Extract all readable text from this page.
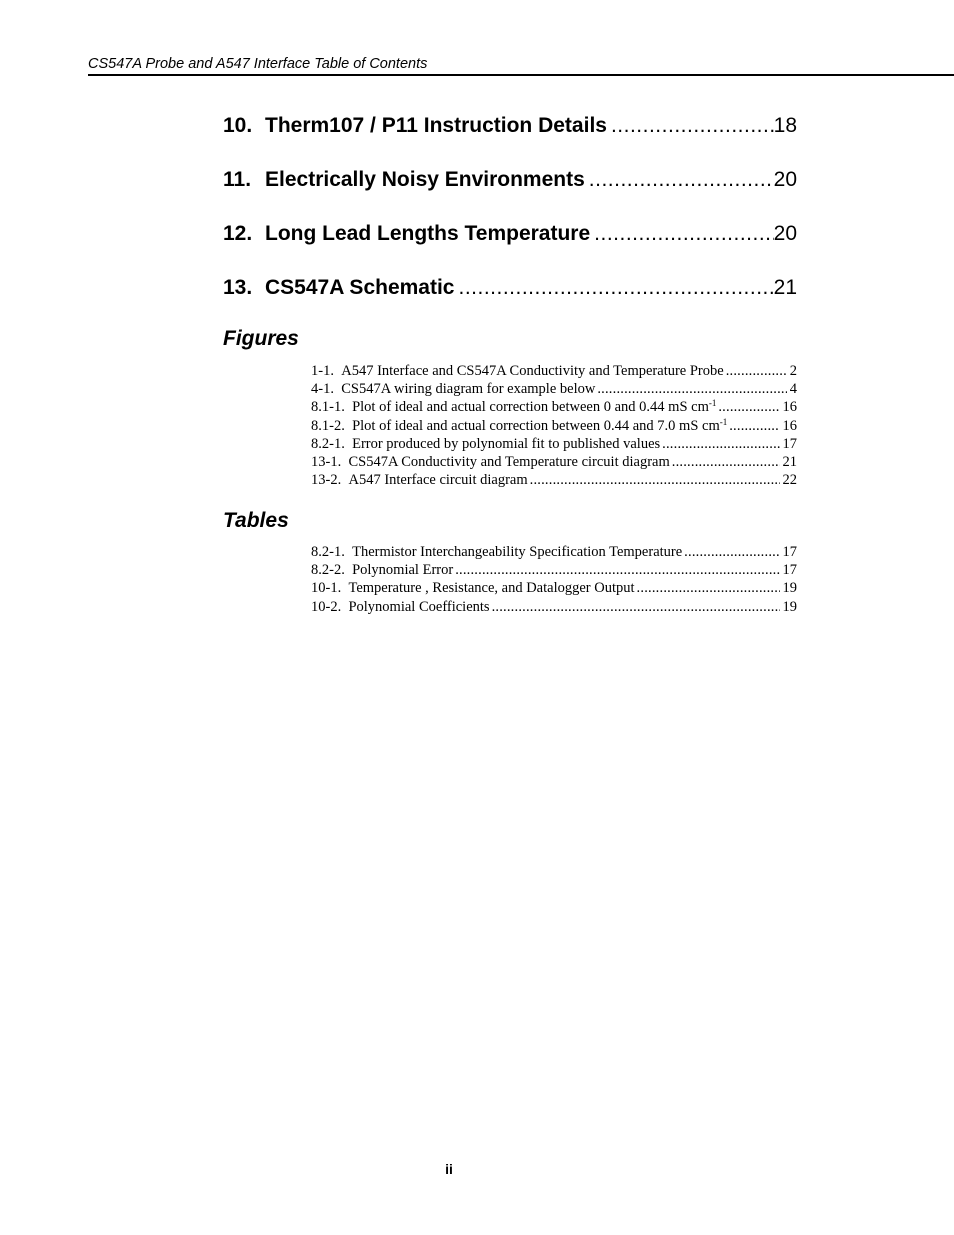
CS547A Probe and A547 Interface Table of Contents
10. Therm107 / P11 Instruction Details .....	18
11. Electrically Noisy Environments .....	20
12. Long Lead Lengths Temperature .....	20
13. CS547A Schematic .....	21
Figures
1-1.
A547 Interface and CS547A Conductivity and Temperature Probe .....	2
4-1.
CS547A wiring diagram for example below .....	4
8.1-1.
Plot of ideal and actual correction between 0 and 0.44 mS $cm^{-1}$ .....	16
8.1-2.
Plot of ideal and actual correction between 0.44 and 7.0 mS $cm^{-1}$ .....	16
8.2-1.
Error produced by polynomial fit to published values .....	17
13-1.
CS547A Conductivity and Temperature circuit diagram .....	21
13-2.
A547 Interface circuit diagram .....	22
Tables
8.2-1.
Thermistor Interchangeability Specification Temperature .....	17
8.2-2.
Polynomial Error .....	17
10-1.
Temperature , Resistance, and Datalogger Output .....	19
10-2.
Polynomial Coefficients .....	19
ii
